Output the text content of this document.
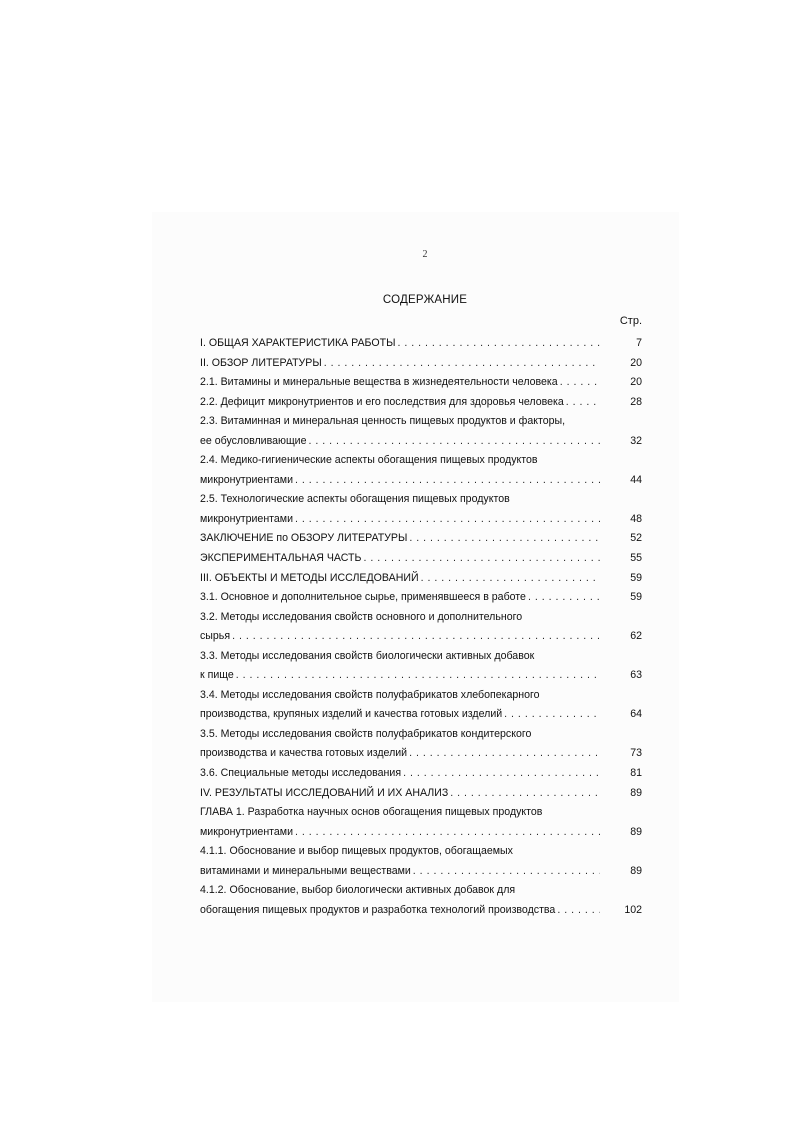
2
СОДЕРЖАНИЕ
Стр.
I. ОБЩАЯ ХАРАКТЕРИСТИКА РАБОТЫ . . .	7
II. ОБЗОР ЛИТЕРАТУРЫ . . .	20
2.1. Витамины и минеральные вещества в жизнедеятельности человека . . .	20
2.2. Дефицит микронутриентов и его последствия для здоровья человека . . .	28
2.3. Витаминная и минеральная ценность пищевых продуктов и факторы,
ее обусловливающие . . .	32
2.4. Медико-гигиенические аспекты обогащения пищевых продуктов
микронутриентами . . .	44
2.5. Технологические аспекты обогащения пищевых продуктов
микронутриентами . . .	48
ЗАКЛЮЧЕНИЕ по ОБЗОРУ ЛИТЕРАТУРЫ . . .	52
ЭКСПЕРИМЕНТАЛЬНАЯ ЧАСТЬ . . .	55
III. ОБЪЕКТЫ И МЕТОДЫ ИССЛЕДОВАНИЙ . . .	59
3.1. Основное и дополнительное сырье, применявшееся в работе . . .	59
3.2. Методы исследования свойств основного и дополнительного
сырья . . .	62
3.3. Методы исследования свойств биологически активных добавок
к пище . . .	63
3.4. Методы исследования свойств полуфабрикатов хлебопекарного
производства, крупяных изделий и качества готовых изделий . . .	64
3.5. Методы исследования свойств полуфабрикатов кондитерского
производства и качества готовых изделий . . .	73
3.6. Специальные методы исследования . . .	81
IV. РЕЗУЛЬТАТЫ ИССЛЕДОВАНИЙ И ИХ АНАЛИЗ . . .	89
ГЛАВА 1. Разработка научных основ обогащения пищевых продуктов
микронутриентами . . .	89
4.1.1. Обоснование и выбор пищевых продуктов, обогащаемых
витаминами и минеральными веществами . . .	89
4.1.2. Обоснование, выбор биологически активных добавок для
обогащения пищевых продуктов и разработка технологий производства . . .	102
